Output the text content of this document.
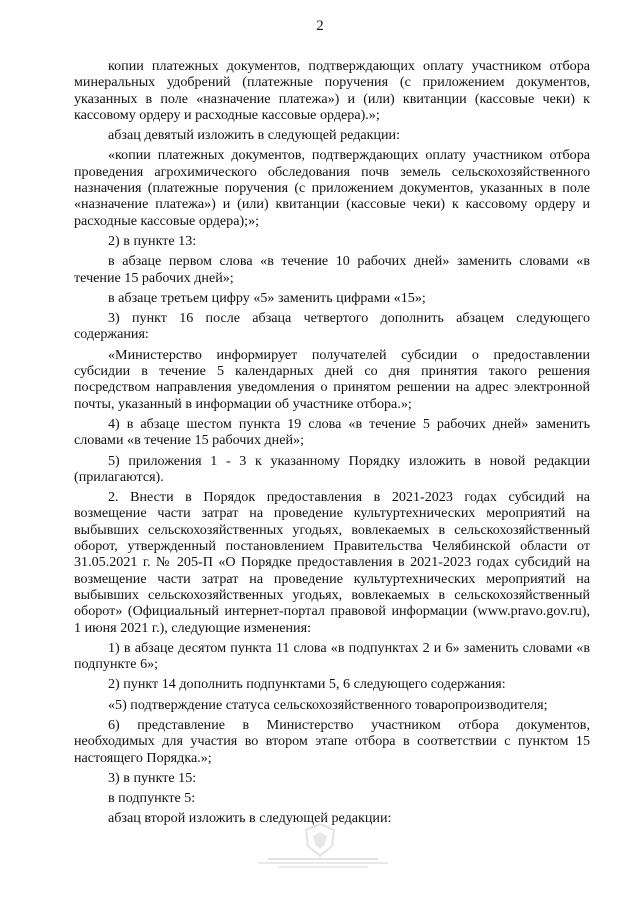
2

копии платежных документов, подтверждающих оплату участником отбора минеральных удобрений (платежные поручения (с приложением документов, указанных в поле «назначение платежа») и (или) квитанции (кассовые чеки) к кассовому ордеру и расходные кассовые ордера).»;

абзац девятый изложить в следующей редакции:

«копии платежных документов, подтверждающих оплату участником отбора проведения агрохимического обследования почв земель сельскохозяйственного назначения (платежные поручения (с приложением документов, указанных в поле «назначение платежа») и (или) квитанции (кассовые чеки) к кассовому ордеру и расходные кассовые ордера);»;

2) в пункте 13:

в абзаце первом слова «в течение 10 рабочих дней» заменить словами «в течение 15 рабочих дней»;

в абзаце третьем цифру «5» заменить цифрами «15»;

3) пункт 16 после абзаца четвертого дополнить абзацем следующего содержания:

«Министерство информирует получателей субсидии о предоставлении субсидии в течение 5 календарных дней со дня принятия такого решения посредством направления уведомления о принятом решении на адрес электронной почты, указанный в информации об участнике отбора.»;

4) в абзаце шестом пункта 19 слова «в течение 5 рабочих дней» заменить словами «в течение 15 рабочих дней»;

5) приложения 1 - 3 к указанному Порядку изложить в новой редакции (прилагаются).

2. Внести в Порядок предоставления в 2021-2023 годах субсидий на возмещение части затрат на проведение культуртехнических мероприятий на выбывших сельскохозяйственных угодьях, вовлекаемых в сельскохозяйственный оборот, утвержденный постановлением Правительства Челябинской области от 31.05.2021 г. № 205-П «О Порядке предоставления в 2021-2023 годах субсидий на возмещение части затрат на проведение культуртехнических мероприятий на выбывших сельскохозяйственных угодьях, вовлекаемых в сельскохозяйственный оборот» (Официальный интернет-портал правовой информации (www.pravo.gov.ru), 1 июня 2021 г.), следующие изменения:

1) в абзаце десятом пункта 11 слова «в подпунктах 2 и 6» заменить словами «в подпункте 6»;

2) пункт 14 дополнить подпунктами 5, 6 следующего содержания:

«5) подтверждение статуса сельскохозяйственного товаропроизводителя;

6) представление в Министерство участником отбора документов, необходимых для участия во втором этапе отбора в соответствии с пунктом 15 настоящего Порядка.»;

3) в пункте 15:

в подпункте 5:

абзац второй изложить в следующей редакции:
